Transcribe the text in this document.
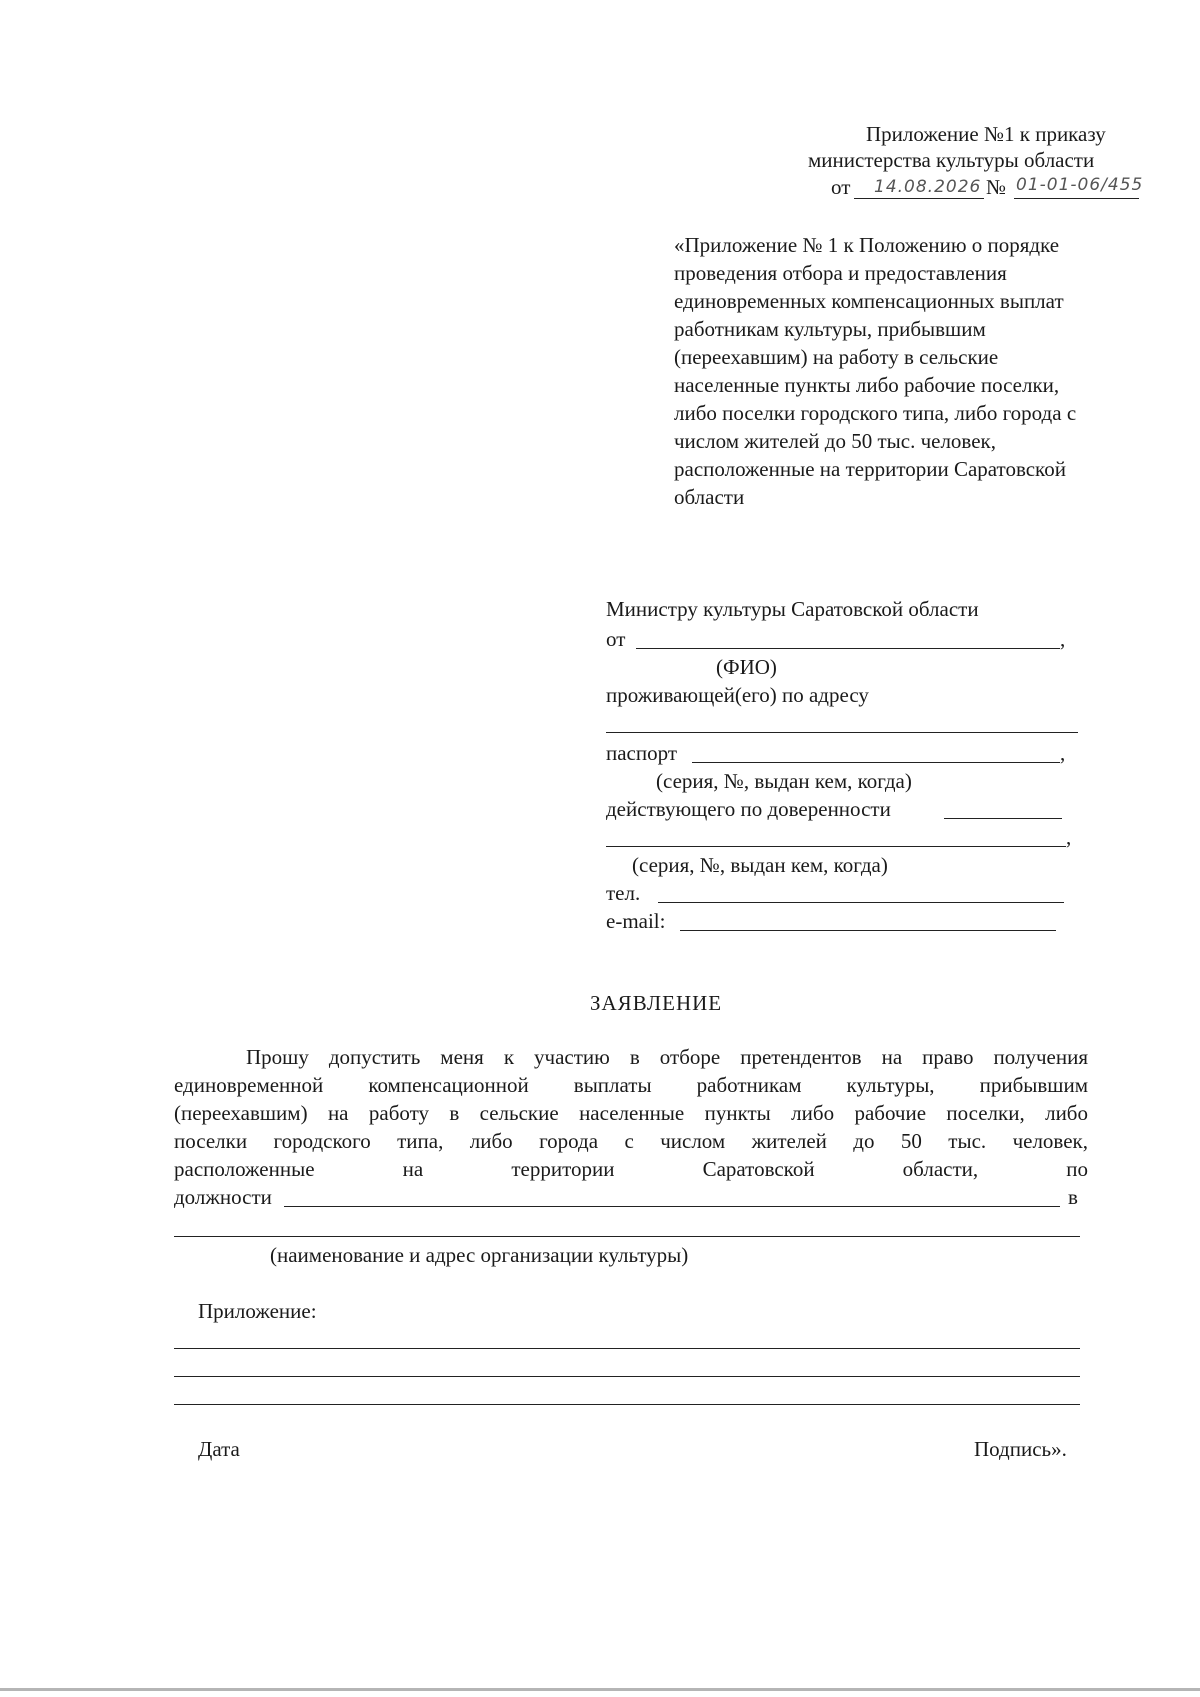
Приложение №1 к приказу
министерства культуры области
от 14.08.2026 № 01-01-06/455
«Приложение № 1 к Положению о порядке
проведения отбора и предоставления
единовременных компенсационных выплат
работникам культуры, прибывшим
(переехавшим) на работу в сельские
населенные пункты либо рабочие поселки,
либо поселки городского типа, либо города с
числом жителей до 50 тыс. человек,
расположенные на территории Саратовской
области
Министру культуры Саратовской области
от	,
(ФИО)
проживающей(его) по адресу
паспорт	,
(серия, №, выдан кем, когда)
действующего по доверенности
,
(серия, №, выдан кем, когда)
тел.
e-mail:
ЗАЯВЛЕНИЕ
Прошу допустить меня к участию в отборе претендентов на право получения
единовременной компенсационной выплаты работникам культуры, прибывшим
(переехавшим) на работу в сельские населенные пункты либо рабочие поселки, либо
поселки городского типа, либо города с числом жителей до 50 тыс. человек,
расположенные на территории Саратовской области, по
должности	в
(наименование и адрес организации культуры)
Приложение:
Дата	Подпись».
